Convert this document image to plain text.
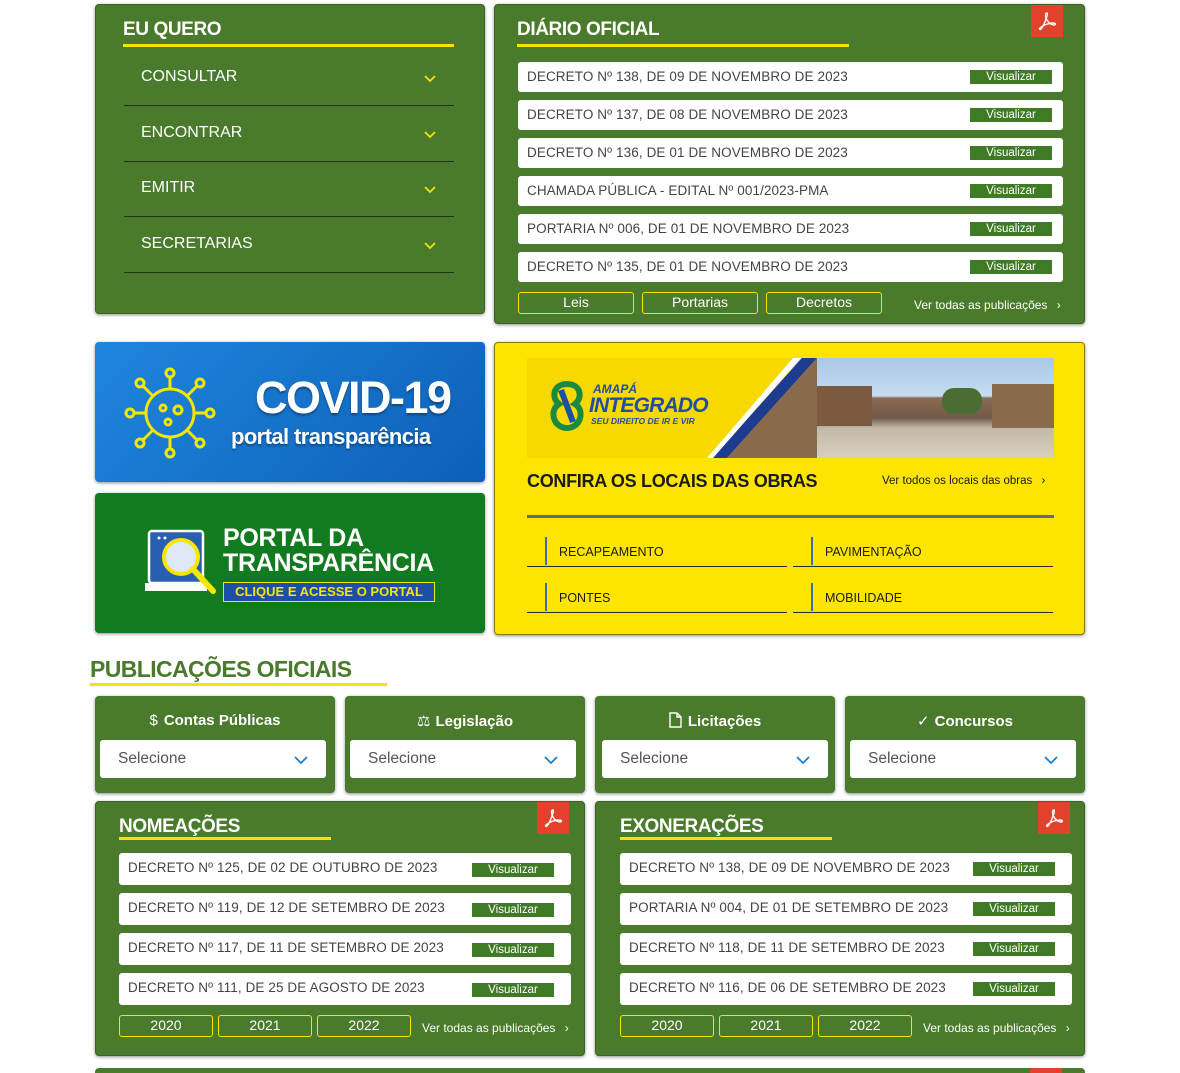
EU QUERO
CONSULTAR
ENCONTRAR
EMITIR
SECRETARIAS
DIÁRIO OFICIAL
DECRETO Nº 138, DE 09 DE NOVEMBRO DE 2023	Visualizar
DECRETO Nº 137, DE 08 DE NOVEMBRO DE 2023	Visualizar
DECRETO Nº 136, DE 01 DE NOVEMBRO DE 2023	Visualizar
CHAMADA PÚBLICA - EDITAL Nº 001/2023-PMA	Visualizar
PORTARIA Nº 006, DE 01 DE NOVEMBRO DE 2023	Visualizar
DECRETO Nº 135, DE 01 DE NOVEMBRO DE 2023	Visualizar
Leis	Portarias	Decretos	Ver todas as publicações ›
COVID-19
portal transparência
PORTAL DA
TRANSPARÊNCIA
CLIQUE E ACESSE O PORTAL
AMAPÁ
INTEGRADO
SEU DIREITO DE IR E VIR
CONFIRA OS LOCAIS DAS OBRAS	Ver todos os locais das obras ›
RECAPEAMENTO	PAVIMENTAÇÃO
PONTES	MOBILIDADE
PUBLICAÇÕES OFICIAIS
$ Contas Públicas
Selecione
⚖ Legislação
Selecione
Licitações
Selecione
✓ Concursos
Selecione
NOMEAÇÕES
DECRETO Nº 125, DE 02 DE OUTUBRO DE 2023	Visualizar
DECRETO Nº 119, DE 12 DE SETEMBRO DE 2023	Visualizar
DECRETO Nº 117, DE 11 DE SETEMBRO DE 2023	Visualizar
DECRETO Nº 111, DE 25 DE AGOSTO DE 2023	Visualizar
2020	2021	2022	Ver todas as publicações ›
EXONERAÇÕES
DECRETO Nº 138, DE 09 DE NOVEMBRO DE 2023	Visualizar
PORTARIA Nº 004, DE 01 DE SETEMBRO DE 2023	Visualizar
DECRETO Nº 118, DE 11 DE SETEMBRO DE 2023	Visualizar
DECRETO Nº 116, DE 06 DE SETEMBRO DE 2023	Visualizar
2020	2021	2022	Ver todas as publicações ›
